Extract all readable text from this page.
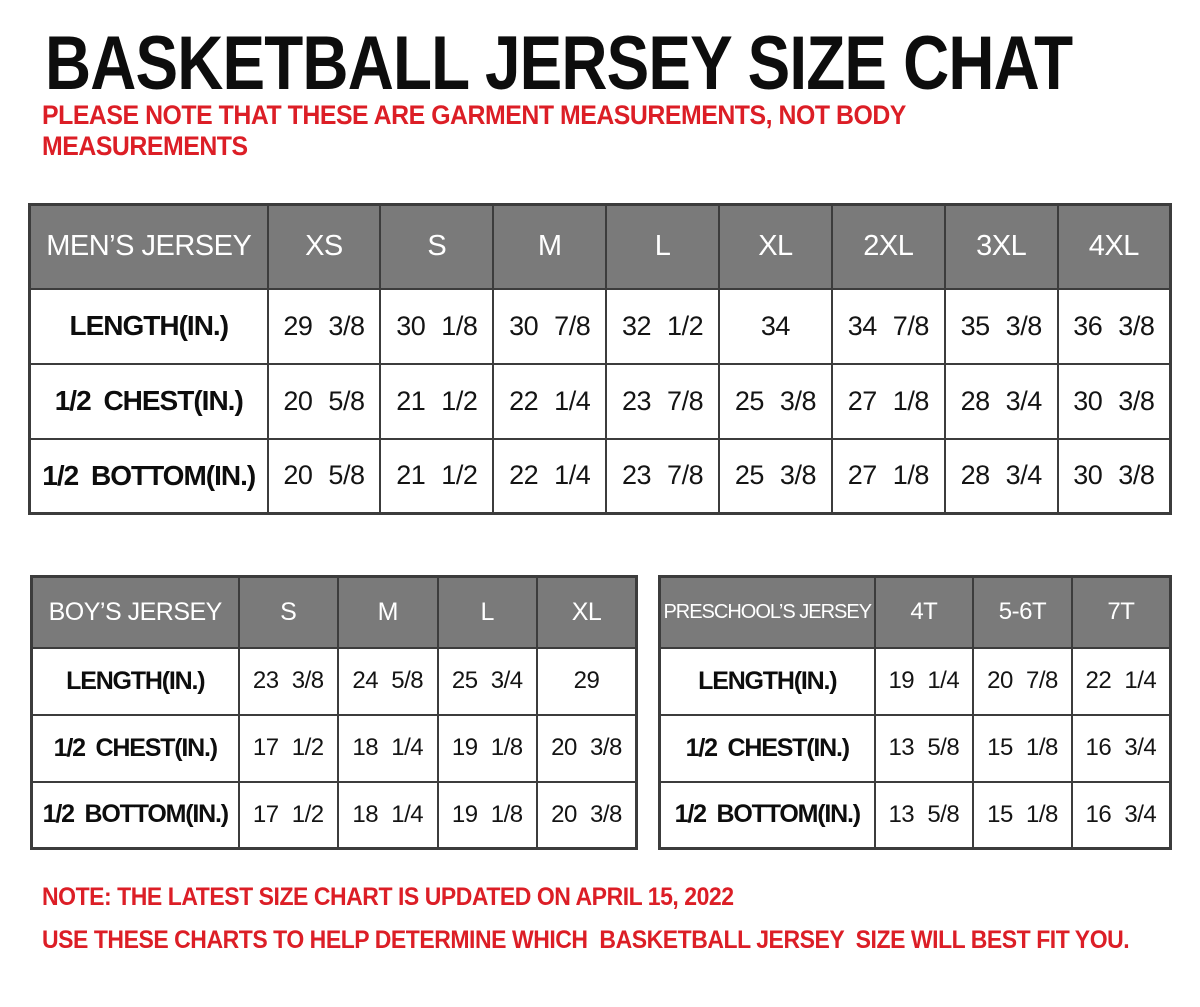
BASKETBALL JERSEY SIZE CHAT
PLEASE NOTE THAT THESE ARE GARMENT MEASUREMENTS, NOT BODY
MEASUREMENTS
MEN’S JERSEY	XS	S	M	L	XL	2XL	3XL	4XL
LENGTH(IN.)	29 3/8	30 1/8	30 7/8	32 1/2	34	34 7/8	35 3/8	36 3/8
1/2 CHEST(IN.)	20 5/8	21 1/2	22 1/4	23 7/8	25 3/8	27 1/8	28 3/4	30 3/8
1/2 BOTTOM(IN.)	20 5/8	21 1/2	22 1/4	23 7/8	25 3/8	27 1/8	28 3/4	30 3/8
BOY’S JERSEY	S	M	L	XL
LENGTH(IN.)	23 3/8	24 5/8	25 3/4	29
1/2 CHEST(IN.)	17 1/2	18 1/4	19 1/8	20 3/8
1/2 BOTTOM(IN.)	17 1/2	18 1/4	19 1/8	20 3/8
PRESCHOOL’S JERSEY	4T	5-6T	7T
LENGTH(IN.)	19 1/4	20 7/8	22 1/4
1/2 CHEST(IN.)	13 5/8	15 1/8	16 3/4
1/2 BOTTOM(IN.)	13 5/8	15 1/8	16 3/4
NOTE: THE LATEST SIZE CHART IS UPDATED ON APRIL 15, 2022
USE THESE CHARTS TO HELP DETERMINE WHICH  BASKETBALL JERSEY  SIZE WILL BEST FIT YOU.
